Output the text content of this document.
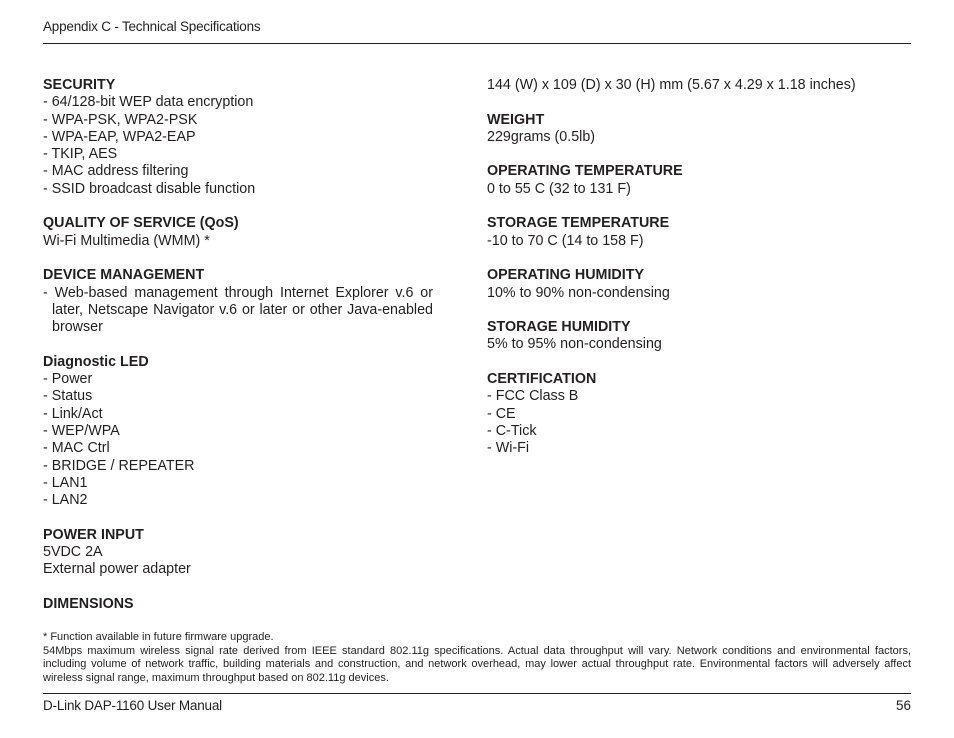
Appendix C - Technical Specifications
SECURITY
- 64/128-bit WEP data encryption
- WPA-PSK, WPA2-PSK
- WPA-EAP, WPA2-EAP
- TKIP, AES
- MAC address filtering
- SSID broadcast disable function
QUALITY OF SERVICE (QoS)
Wi-Fi Multimedia (WMM) *
DEVICE MANAGEMENT
- Web-based management through Internet Explorer v.6 or later, Netscape Navigator v.6 or later or other Java-enabled browser
Diagnostic LED
- Power
- Status
- Link/Act
- WEP/WPA
- MAC Ctrl
- BRIDGE / REPEATER
- LAN1
- LAN2
POWER INPUT
5VDC 2A
External power adapter
DIMENSIONS
144 (W) x 109 (D) x 30 (H) mm (5.67 x 4.29 x 1.18 inches)
WEIGHT
229grams (0.5lb)
OPERATING TEMPERATURE
0 to 55 C (32 to 131 F)
STORAGE TEMPERATURE
-10 to 70 C (14 to 158 F)
OPERATING HUMIDITY
10% to 90% non-condensing
STORAGE HUMIDITY
5% to 95% non-condensing
CERTIFICATION
- FCC Class B
- CE
- C-Tick
- Wi-Fi
* Function available in future firmware upgrade.
54Mbps maximum wireless signal rate derived from IEEE standard 802.11g specifications. Actual data throughput will vary. Network conditions and environmental factors, including volume of network traffic, building materials and construction, and network overhead, may lower actual throughput rate. Environmental factors will adversely affect wireless signal range, maximum throughput based on 802.11g devices.
D-Link DAP-1160 User Manual	56
